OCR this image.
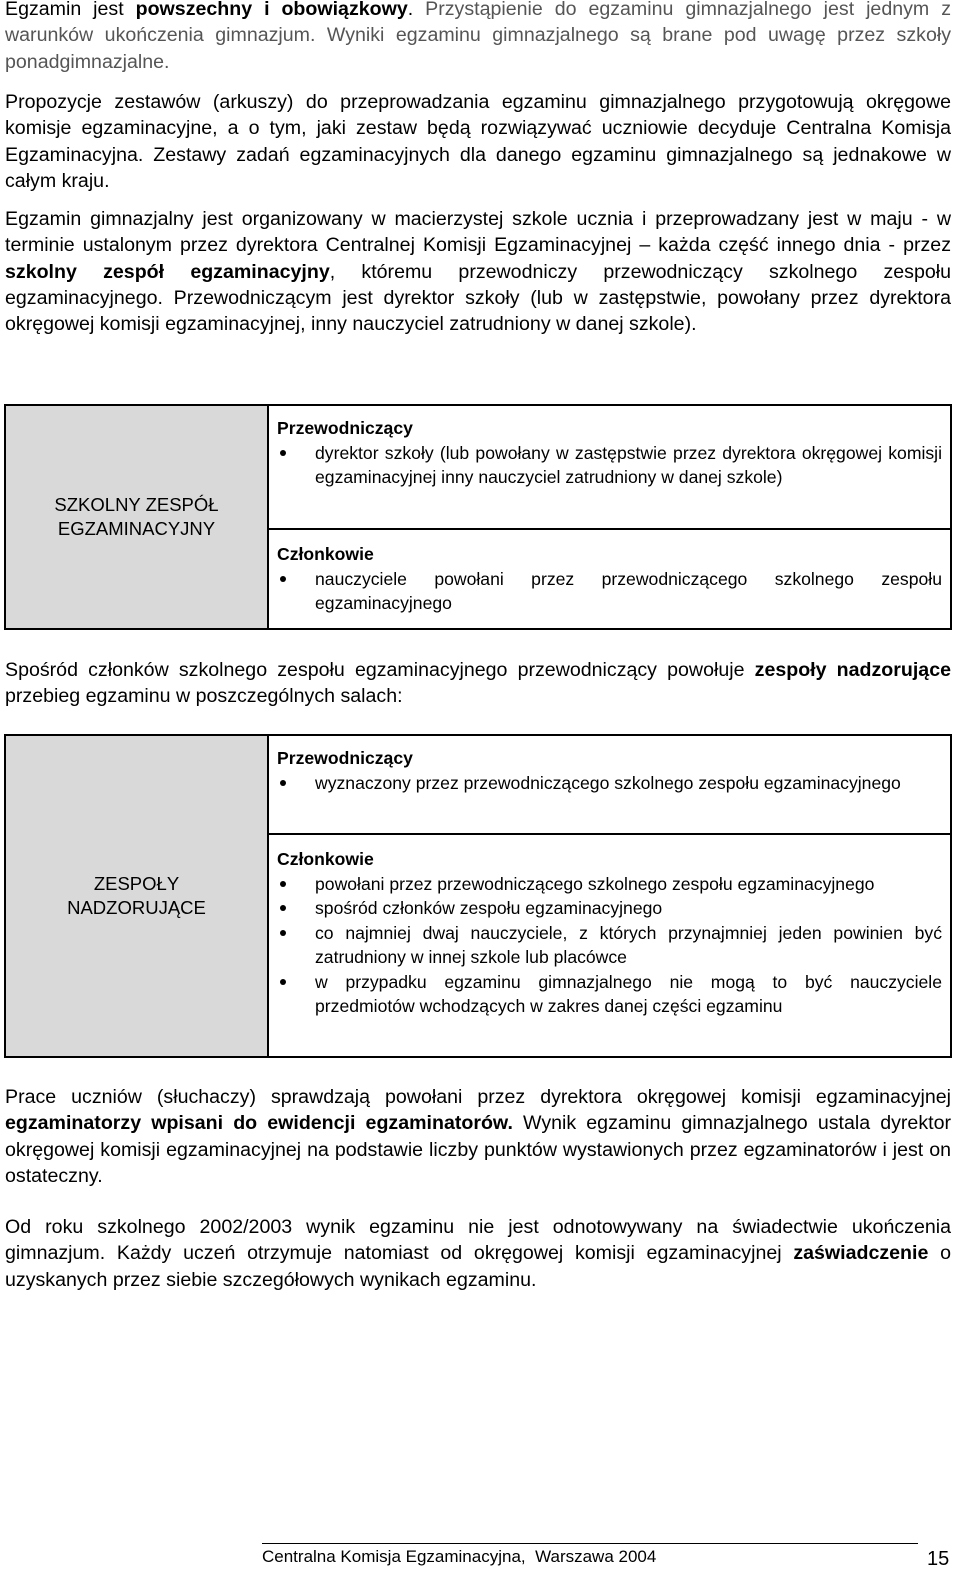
Egzamin jest powszechny i obowiązkowy. Przystąpienie do egzaminu gimnazjalnego jest jednym z warunków ukończenia gimnazjum. Wyniki egzaminu gimnazjalnego są brane pod uwagę przez szkoły ponadgimnazjalne.

Propozycje zestawów (arkuszy) do przeprowadzania egzaminu gimnazjalnego przygotowują okręgowe komisje egzaminacyjne, a o tym, jaki zestaw będą rozwiązywać uczniowie decyduje Centralna Komisja Egzaminacyjna. Zestawy zadań egzaminacyjnych dla danego egzaminu gimnazjalnego są jednakowe w całym kraju.

Egzamin gimnazjalny jest organizowany w macierzystej szkole ucznia i przeprowadzany jest w maju - w terminie ustalonym przez dyrektora Centralnej Komisji Egzaminacyjnej – każda część innego dnia - przez szkolny zespół egzaminacyjny, któremu przewodniczy przewodniczący szkolnego zespołu egzaminacyjnego. Przewodniczącym jest dyrektor szkoły (lub w zastępstwie, powołany przez dyrektora okręgowej komisji egzaminacyjnej, inny nauczyciel zatrudniony w danej szkole).

SZKOLNY ZESPÓŁ
EGZAMINACYJNY

Przewodniczący
dyrektor szkoły (lub powołany w zastępstwie przez dyrektora okręgowej komisji egzaminacyjnej inny nauczyciel zatrudniony w danej szkole)

Członkowie
nauczyciele powołani przez przewodniczącego szkolnego zespołu egzaminacyjnego

Spośród członków szkolnego zespołu egzaminacyjnego przewodniczący powołuje zespoły nadzorujące przebieg egzaminu w poszczególnych salach:

ZESPOŁY
NADZORUJĄCE

Przewodniczący
wyznaczony przez przewodniczącego szkolnego zespołu egzaminacyjnego

Członkowie
powołani przez przewodniczącego szkolnego zespołu egzaminacyjnego
spośród członków zespołu egzaminacyjnego
co najmniej dwaj nauczyciele, z których przynajmniej jeden powinien być zatrudniony w innej szkole lub placówce
w przypadku egzaminu gimnazjalnego nie mogą to być nauczyciele przedmiotów wchodzących w zakres danej części egzaminu

Prace uczniów (słuchaczy) sprawdzają powołani przez dyrektora okręgowej komisji egzaminacyjnej egzaminatorzy wpisani do ewidencji egzaminatorów. Wynik egzaminu gimnazjalnego ustala dyrektor okręgowej komisji egzaminacyjnej na podstawie liczby punktów wystawionych przez egzaminatorów i jest on ostateczny.

Od roku szkolnego 2002/2003 wynik egzaminu nie jest odnotowywany na świadectwie ukończenia gimnazjum. Każdy uczeń otrzymuje natomiast od okręgowej komisji egzaminacyjnej zaświadczenie o uzyskanych przez siebie szczegółowych wynikach egzaminu.

Centralna Komisja Egzaminacyjna,  Warszawa 2004	15
